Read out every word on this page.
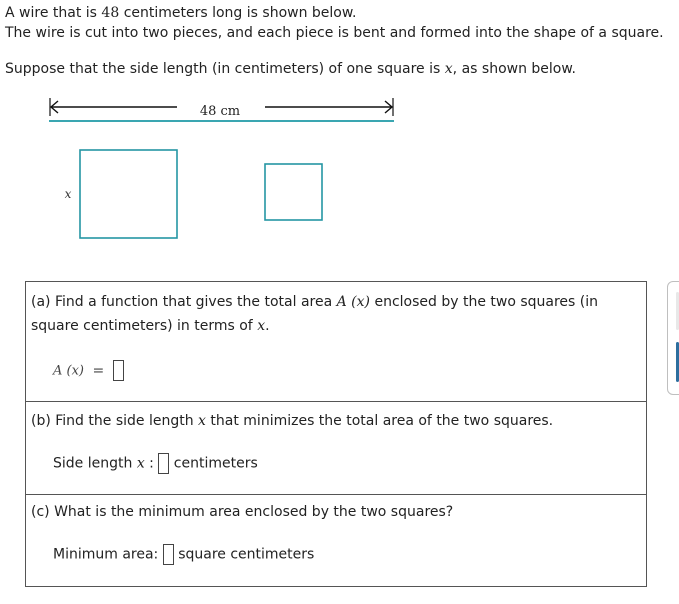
A wire that is 48 centimeters long is shown below.
The wire is cut into two pieces, and each piece is bent and formed into the shape of a square.
Suppose that the side length (in centimeters) of one square is x, as shown below.
48 cm
x
(a) Find a function that gives the total area A (x) enclosed by the two squares (in
square centimeters) in terms of x.
A (x) =
(b) Find the side length x that minimizes the total area of the two squares.
Side length x : centimeters
(c) What is the minimum area enclosed by the two squares?
Minimum area: square centimeters
